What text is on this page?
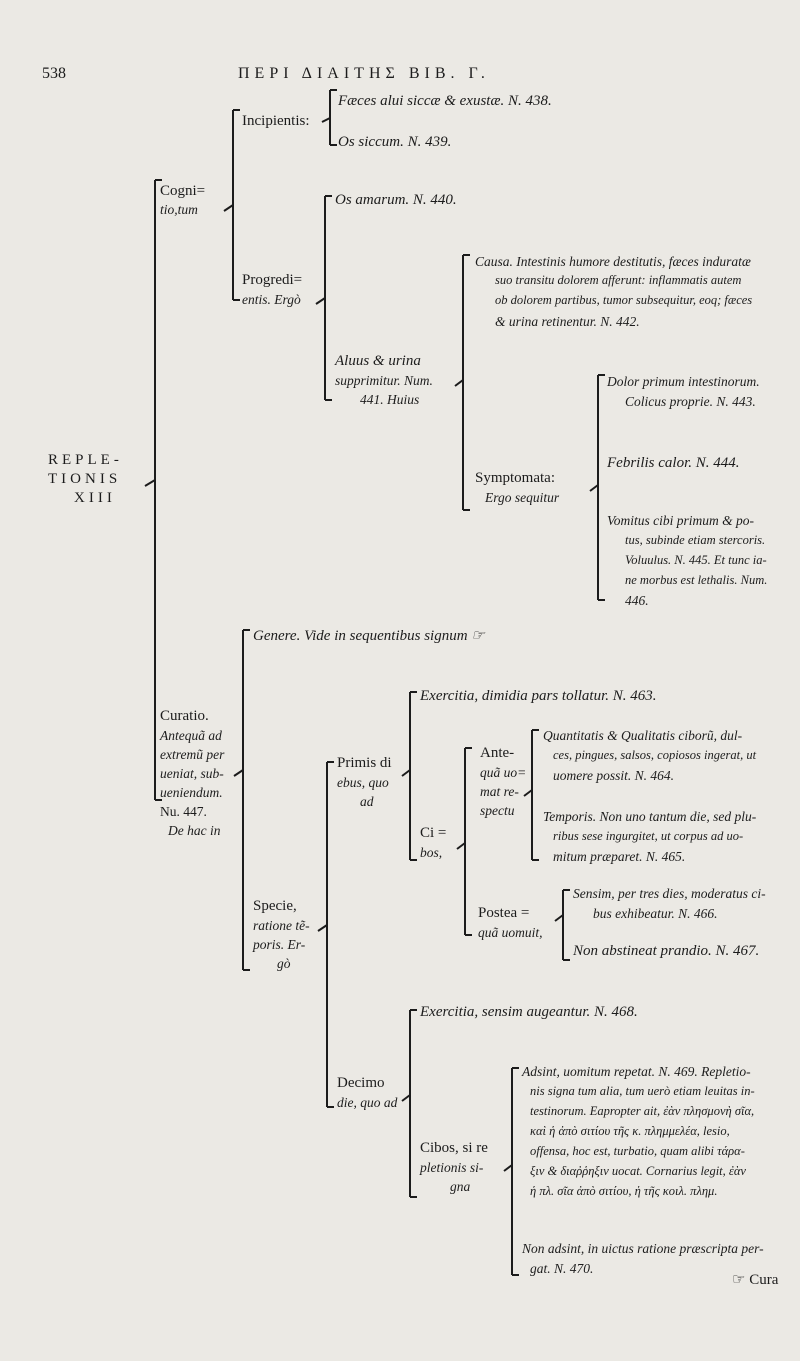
538	ΠΕΡΙ ΔΙΑΙΤΗΣ ΒΙΒ. Γ.
REPLE-
TIONIS
XIII
Cogni=
tio,tum
Incipientis:
Fæces alui siccæ & exustæ. N. 438.
Os siccum. N. 439.
Progredi=
entis. Ergò
Os amarum. N. 440.
Aluus & urina
supprimitur. Num.
441. Huius
Causa. Intestinis humore destitutis, fæces induratæ
suo transitu dolorem afferunt: inflammatis autem
ob dolorem partibus, tumor subsequitur, eoq; fæces
& urina retinentur. N. 442.
Symptomata:
Ergo sequitur
Dolor primum intestinorum.
Colicus proprie. N. 443.
Febrilis calor. N. 444.
Vomitus cibi primum & po-
tus, subinde etiam stercoris.
Voluulus. N. 445. Et tunc ia-
ne morbus est lethalis. Num.
446.
Curatio.
Antequã ad
extremũ per
ueniat, sub-
ueniendum.
Nu. 447.
De hac in
Genere. Vide in sequentibus signum ☞
Specie,
ratione tẽ-
poris. Er-
gò
Primis di
ebus, quo
ad
Exercitia, dimidia pars tollatur. N. 463.
Ci =
bos,
Ante-
quã uo=
mat re-
spectu
Quantitatis & Qualitatis ciborũ, dul-
ces, pingues, salsos, copiosos ingerat, ut
uomere possit. N. 464.
Temporis. Non uno tantum die, sed plu-
ribus sese ingurgitet, ut corpus ad uo-
mitum præparet. N. 465.
Postea =
quã uomuit,
Sensim, per tres dies, moderatus ci-
bus exhibeatur. N. 466.
Non abstineat prandio. N. 467.
Decimo
die, quo ad
Exercitia, sensim augeantur. N. 468.
Cibos, si re
pletionis si-
gna
Adsint, uomitum repetat. N. 469. Repletio-
nis signa tum alia, tum uerò etiam leuitas in-
testinorum. Eapropter ait, ἐὰν πλησμονὴ σῖα,
καὶ ἡ ἀπὸ σιτίου τῆς κ. πλημμελέα, lesio,
offensa, hoc est, turbatio, quam alibi τάρα-
ξιν & διαῤῥηξιν uocat. Cornarius legit, ἐὰν
ἡ πλ. σῖα ἀπὸ σιτίου, ἡ τῆς κοιλ. πλημ.
Non adsint, in uictus ratione præscripta per-
gat. N. 470.
☞ Cura
